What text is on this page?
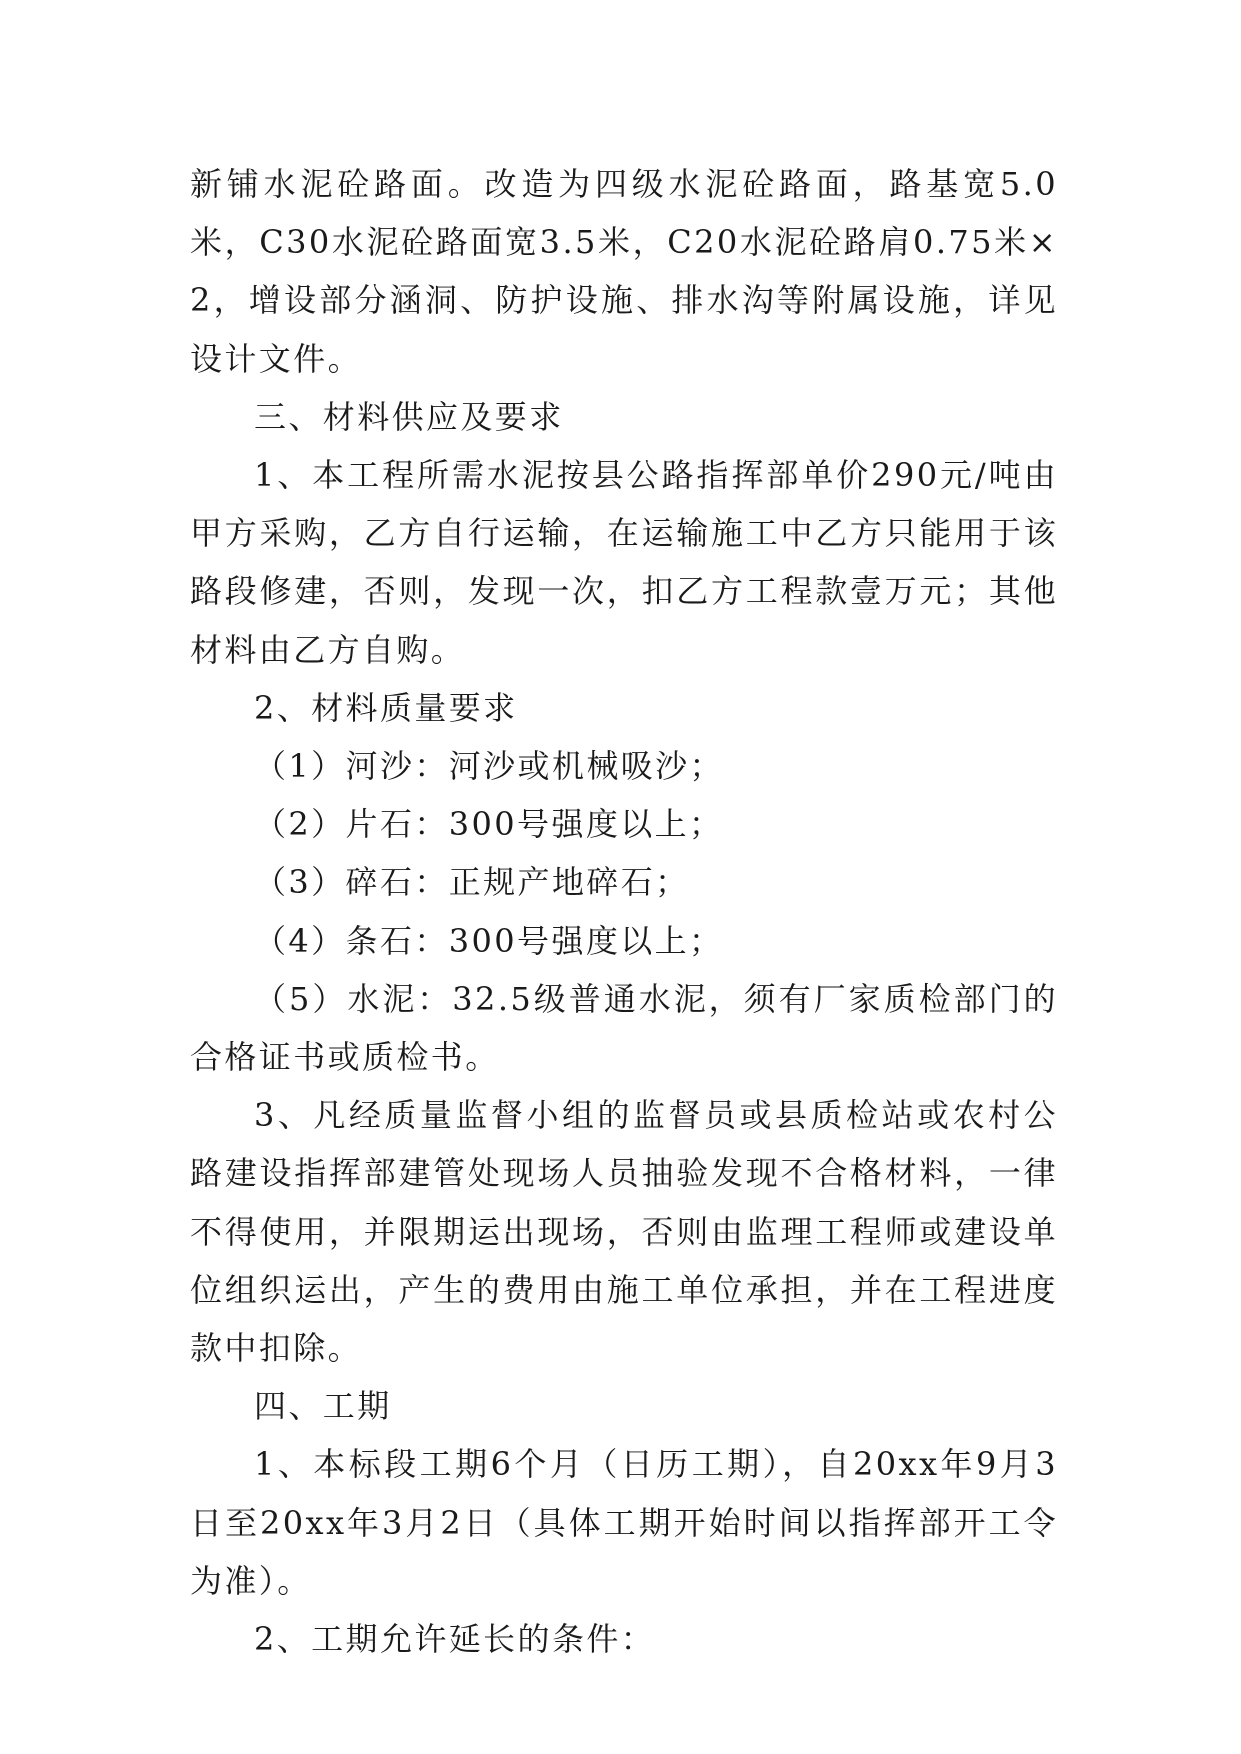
新铺水泥砼路面。改造为四级水泥砼路面，路基宽5.0米，C30水泥砼路面宽3.5米，C20水泥砼路肩0.75米×2，增设部分涵洞、防护设施、排水沟等附属设施，详见设计文件。

三、材料供应及要求

1、本工程所需水泥按县公路指挥部单价290元/吨由甲方采购，乙方自行运输，在运输施工中乙方只能用于该路段修建，否则，发现一次，扣乙方工程款壹万元；其他材料由乙方自购。

2、材料质量要求

（1）河沙：河沙或机械吸沙；

（2）片石：300号强度以上；

（3）碎石：正规产地碎石；

（4）条石：300号强度以上；

（5）水泥：32.5级普通水泥，须有厂家质检部门的合格证书或质检书。

3、凡经质量监督小组的监督员或县质检站或农村公路建设指挥部建管处现场人员抽验发现不合格材料，一律不得使用，并限期运出现场，否则由监理工程师或建设单位组织运出，产生的费用由施工单位承担，并在工程进度款中扣除。

四、工期

1、本标段工期6个月（日历工期），自20xx年9月3日至20xx年3月2日（具体工期开始时间以指挥部开工令为准）。

2、工期允许延长的条件：
